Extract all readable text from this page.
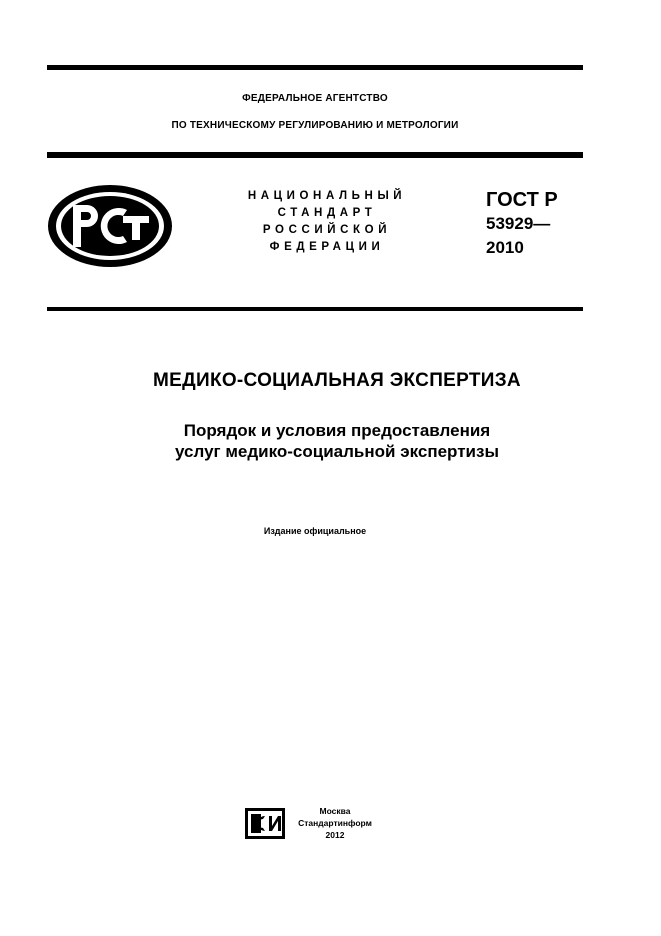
ФЕДЕРАЛЬНОЕ АГЕНТСТВО
ПО ТЕХНИЧЕСКОМУ РЕГУЛИРОВАНИЮ И МЕТРОЛОГИИ
РСТ
НАЦИОНАЛЬНЫЙ
СТАНДАРТ
РОССИЙСКОЙ
ФЕДЕРАЦИИ
ГОСТ Р
53929—
2010
МЕДИКО-СОЦИАЛЬНАЯ ЭКСПЕРТИЗА
Порядок и условия предоставления
услуг медико-социальной экспертизы
Издание официальное
Москва
Стандартинформ
2012
